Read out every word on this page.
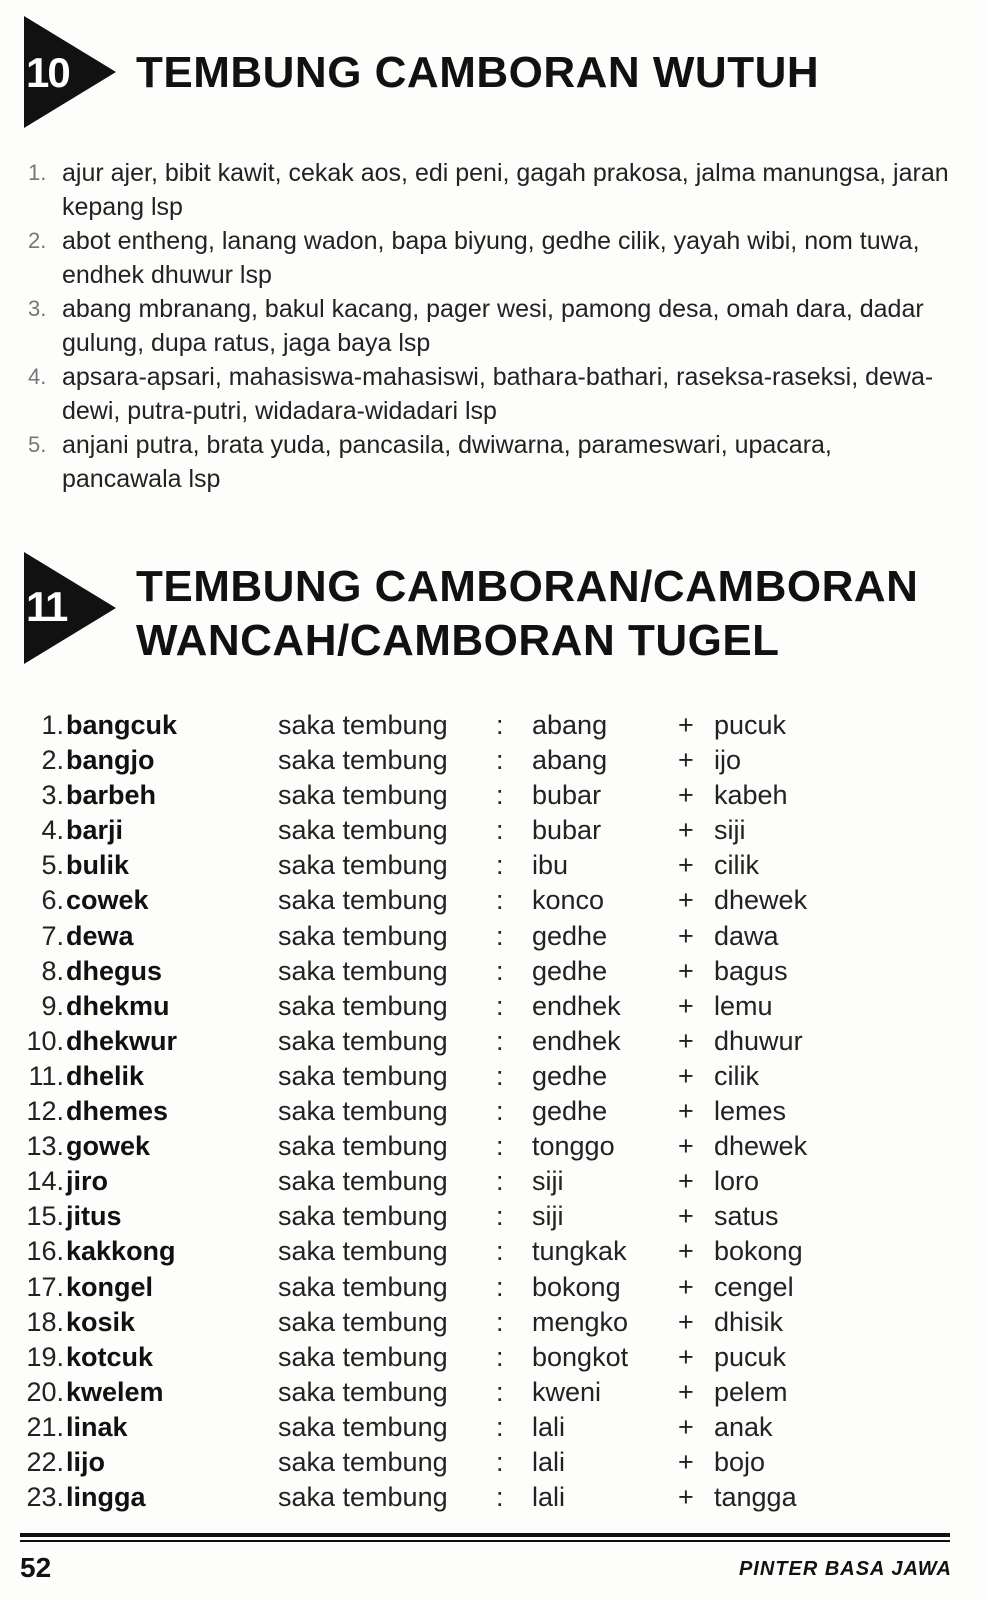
10	TEMBUNG CAMBORAN WUTUH
1. ajur ajer, bibit kawit, cekak aos, edi peni, gagah prakosa, jalma manungsa, jaran kepang lsp
2. abot entheng, lanang wadon, bapa biyung, gedhe cilik, yayah wibi, nom tuwa, endhek dhuwur lsp
3. abang mbranang, bakul kacang, pager wesi, pamong desa, omah dara, dadar gulung, dupa ratus, jaga baya lsp
4. apsara-apsari, mahasiswa-mahasiswi, bathara-bathari, raseksa-raseksi, dewa-dewi, putra-putri, widadara-widadari lsp
5. anjani putra, brata yuda, pancasila, dwiwarna, parameswari, upacara, pancawala lsp
11	TEMBUNG CAMBORAN/CAMBORAN WANCAH/CAMBORAN TUGEL
1. bangcuk	saka tembung : abang	+ pucuk
2. bangjo	saka tembung : abang	+ ijo
3. barbeh	saka tembung : bubar	+ kabeh
4. barji	saka tembung : bubar	+ siji
5. bulik	saka tembung : ibu	+ cilik
6. cowek	saka tembung : konco	+ dhewek
7. dewa	saka tembung : gedhe	+ dawa
8. dhegus	saka tembung : gedhe	+ bagus
9. dhekmu	saka tembung : endhek + lemu
10. dhekwur	saka tembung : endhek + dhuwur
11. dhelik	saka tembung : gedhe	+ cilik
12. dhemes	saka tembung : gedhe	+ lemes
13. gowek	saka tembung : tonggo + dhewek
14. jiro	saka tembung : siji	+ loro
15. jitus	saka tembung : siji	+ satus
16. kakkong	saka tembung : tungkak + bokong
17. kongel	saka tembung : bokong + cengel
18. kosik	saka tembung : mengko + dhisik
19. kotcuk	saka tembung : bongkot + pucuk
20. kwelem	saka tembung : kweni	+ pelem
21. linak	saka tembung : lali	+ anak
22. lijo	saka tembung : lali	+ bojo
23. lingga	saka tembung : lali	+ tangga
52	PINTER BASA JAWA
